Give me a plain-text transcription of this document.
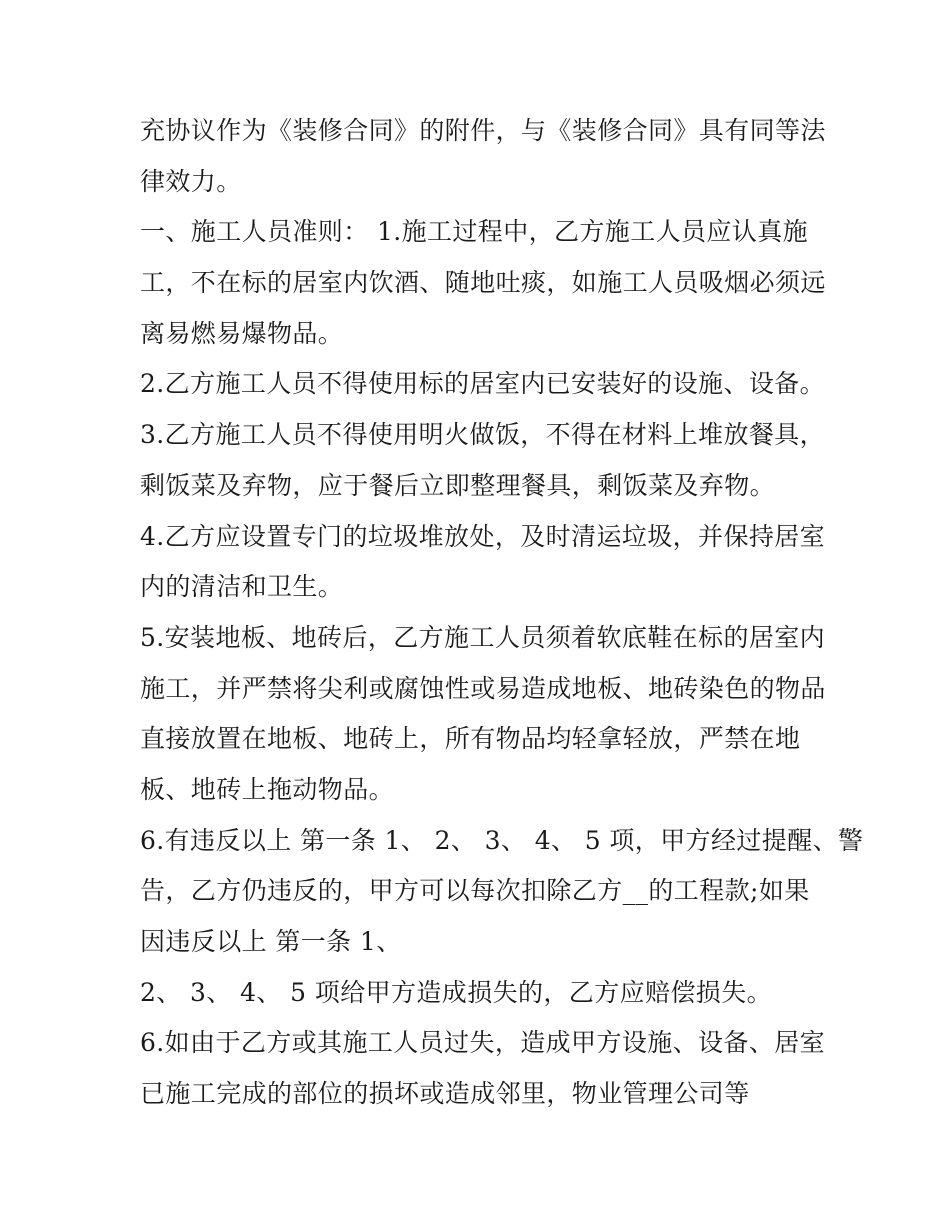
充协议作为《装修合同》的附件，与《装修合同》具有同等法
律效力。
一、施工人员准则： 1.施工过程中，乙方施工人员应认真施
工，不在标的居室内饮酒、随地吐痰，如施工人员吸烟必须远
离易燃易爆物品。
2.乙方施工人员不得使用标的居室内已安装好的设施、设备。
3.乙方施工人员不得使用明火做饭，不得在材料上堆放餐具，
剩饭菜及弃物，应于餐后立即整理餐具，剩饭菜及弃物。
4.乙方应设置专门的垃圾堆放处，及时清运垃圾，并保持居室
内的清洁和卫生。
5.安装地板、地砖后，乙方施工人员须着软底鞋在标的居室内
施工，并严禁将尖利或腐蚀性或易造成地板、地砖染色的物品
直接放置在地板、地砖上，所有物品均轻拿轻放，严禁在地
板、地砖上拖动物品。
6.有违反以上 第一条 1、 2、 3、 4、 5 项，甲方经过提醒、警
告，乙方仍违反的，甲方可以每次扣除乙方__的工程款;如果
因违反以上 第一条 1、
2、 3、 4、 5 项给甲方造成损失的，乙方应赔偿损失。
6.如由于乙方或其施工人员过失，造成甲方设施、设备、居室
已施工完成的部位的损坏或造成邻里，物业管理公司等
